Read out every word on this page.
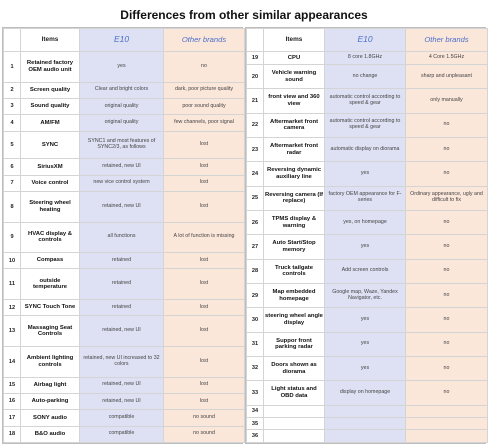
Differences from other similar appearances
	Items	E10	Other brands
1	Retained factory OEM audio unit	yes	no
2	Screen quality	Clear and bright colors	dark, poor picture quality
3	Sound quality	original quality	poor sound quality
4	AM/FM	original quality	few channels, poor signal
5	SYNC	SYNC1 and most features of SYNC2/3, as follows	lost
6	SiriusXM	retained, new UI	lost
7	Voice control	new vice control system	lost
8	Steering wheel heating	retained, new UI	lost
9	HVAC display & controls	all functions	A lot of function is missing
10	Compass	retained	lost
11	outside temperature	retained	lost
12	SYNC Touch Tone	retained	lost
13	Massaging Seat Controls	retained, new UI	lost
14	Ambient lighting controls	retained, new UI increased to 32 colors	lost
15	Airbag light	retained, new UI	lost
16	Auto-parking	retained, new UI	lost
17	SONY audio	compatible	no sound
18	B&O audio	compatible	no sound
	Items	E10	Other brands
19	CPU	8 core 1.8GHz	4 Core 1.5GHz
20	Vehicle warning sound	no change	sharp and unpleasant
21	front view and 360 view	automatic control according to speed & gear	only manually
22	Aftermarket front camera	automatic control according to speed & gear	no
23	Aftermarket front radar	automatic display on diorama	no
24	Reversing dynamic auxiliary line	yes	no
25	Reversing camera (If replace)	factory OEM appearance for F-series	Ordinary appearance, ugly and difficult to fix
26	TPMS display & warning	yes, on homepage	no
27	Auto Start/Stop memory	yes	no
28	Truck tailgate controls	Add screen controls	no
29	Map embedded homepage	Google map, Waze, Yandex Navigator, etc.	no
30	steering wheel angle display	yes	no
31	Suppor front parking radar	yes	no
32	Doors shown as diorama	yes	no
33	Light status and OBD data	display on homepage	no
34			
35			
36			
